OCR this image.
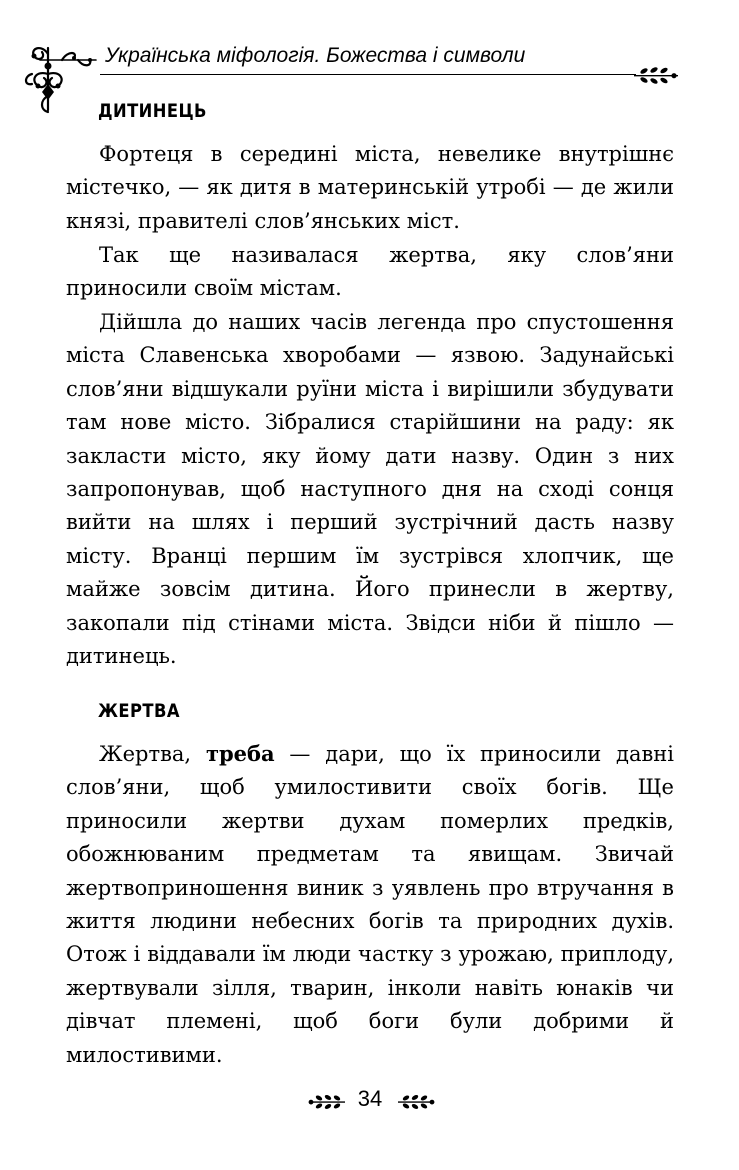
Українська міфологія. Божества і символи
ДИТИНЕЦЬ

Фортеця в середині міста, невелике внутрішнє містечко, — як дитя в материнській утробі — де жили князі, правителі слов’янських міст.

Так ще називалася жертва, яку слов’яни приносили своїм містам.

Дійшла до наших часів легенда про спустошення міста Славенська хворобами — язвою. Задунайські слов’яни відшукали руїни міста і вирішили збудувати там нове місто. Зібралися старійшини на раду: як закласти місто, яку йому дати назву. Один з них запропонував, щоб наступного дня на сході сонця вийти на шлях і перший зустрічний дасть назву місту. Вранці першим їм зустрівся хлопчик, ще майже зовсім дитина. Його принесли в жертву, закопали під стінами міста. Звідси ніби й пішло — дитинець.

ЖЕРТВА

Жертва, треба — дари, що їх приносили давні слов’яни, щоб умилостивити своїх богів. Ще приносили жертви духам померлих предків, обожнюваним предметам та явищам. Звичай жертвоприношення виник з уявлень про втручання в життя людини небесних богів та природних духів. Отож і віддавали їм люди частку з урожаю, приплоду, жертвували зілля, тварин, інколи навіть юнаків чи дівчат племені, щоб боги були добрими й милостивими.

34
